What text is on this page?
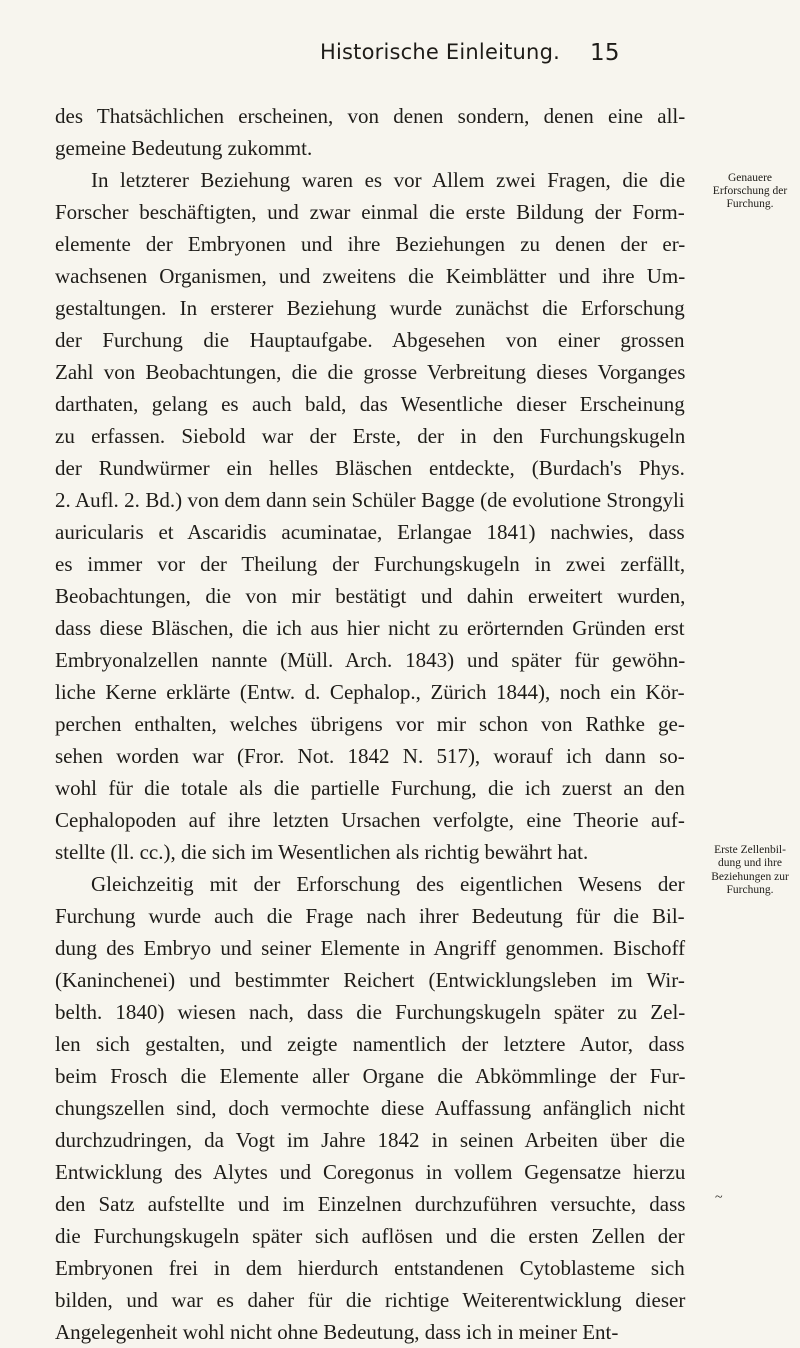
Historische Einleitung. 15
des Thatsächlichen erscheinen, von denen sondern, denen eine all-
gemeine Bedeutung zukommt.
In letzterer Beziehung waren es vor Allem zwei Fragen, die die
Forscher beschäftigten, und zwar einmal die erste Bildung der Form-
elemente der Embryonen und ihre Beziehungen zu denen der er-
wachsenen Organismen, und zweitens die Keimblätter und ihre Um-
gestaltungen. In ersterer Beziehung wurde zunächst die Erforschung
der Furchung die Hauptaufgabe. Abgesehen von einer grossen
Zahl von Beobachtungen, die die grosse Verbreitung dieses Vorganges
darthaten, gelang es auch bald, das Wesentliche dieser Erscheinung
zu erfassen. Siebold war der Erste, der in den Furchungskugeln
der Rundwürmer ein helles Bläschen entdeckte, (Burdach's Phys.
2. Aufl. 2. Bd.) von dem dann sein Schüler Bagge (de evolutione Strongyli
auricularis et Ascaridis acuminatae, Erlangae 1841) nachwies, dass
es immer vor der Theilung der Furchungskugeln in zwei zerfällt,
Beobachtungen, die von mir bestätigt und dahin erweitert wurden,
dass diese Bläschen, die ich aus hier nicht zu erörternden Gründen erst
Embryonalzellen nannte (Müll. Arch. 1843) und später für gewöhn-
liche Kerne erklärte (Entw. d. Cephalop., Zürich 1844), noch ein Kör-
perchen enthalten, welches übrigens vor mir schon von Rathke ge-
sehen worden war (Fror. Not. 1842 N. 517), worauf ich dann so-
wohl für die totale als die partielle Furchung, die ich zuerst an den
Cephalopoden auf ihre letzten Ursachen verfolgte, eine Theorie auf-
stellte (ll. cc.), die sich im Wesentlichen als richtig bewährt hat.
Gleichzeitig mit der Erforschung des eigentlichen Wesens der
Furchung wurde auch die Frage nach ihrer Bedeutung für die Bil-
dung des Embryo und seiner Elemente in Angriff genommen. Bischoff
(Kaninchenei) und bestimmter Reichert (Entwicklungsleben im Wir-
belth. 1840) wiesen nach, dass die Furchungskugeln später zu Zel-
len sich gestalten, und zeigte namentlich der letztere Autor, dass
beim Frosch die Elemente aller Organe die Abkömmlinge der Fur-
chungszellen sind, doch vermochte diese Auffassung anfänglich nicht
durchzudringen, da Vogt im Jahre 1842 in seinen Arbeiten über die
Entwicklung des Alytes und Coregonus in vollem Gegensatze hierzu
den Satz aufstellte und im Einzelnen durchzuführen versuchte, dass
die Furchungskugeln später sich auflösen und die ersten Zellen der
Embryonen frei in dem hierdurch entstandenen Cytoblasteme sich
bilden, und war es daher für die richtige Weiterentwicklung dieser
Angelegenheit wohl nicht ohne Bedeutung, dass ich in meiner Ent-
Genauere
Erforschung der
Furchung.
Erste Zellenbil-
dung und ihre
Beziehungen zur
Furchung.
~
